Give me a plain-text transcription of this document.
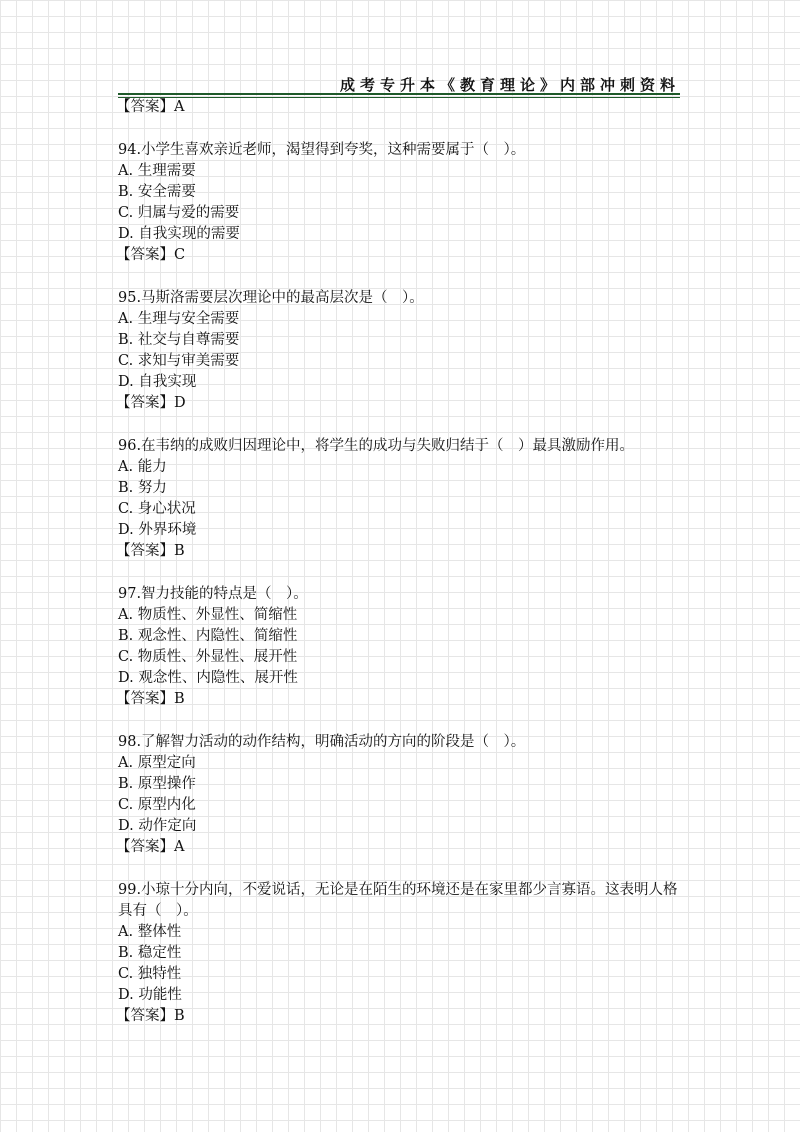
成考专升本《教育理论》内部冲刺资料
【答案】A
94.小学生喜欢亲近老师，渴望得到夸奖，这种需要属于（　）。
A. 生理需要
B. 安全需要
C. 归属与爱的需要
D. 自我实现的需要
【答案】C
95.马斯洛需要层次理论中的最高层次是（　）。
A. 生理与安全需要
B. 社交与自尊需要
C. 求知与审美需要
D. 自我实现
【答案】D
96.在韦纳的成败归因理论中，将学生的成功与失败归结于（　）最具激励作用。
A. 能力
B. 努力
C. 身心状况
D. 外界环境
【答案】B
97.智力技能的特点是（　）。
A. 物质性、外显性、简缩性
B. 观念性、内隐性、简缩性
C. 物质性、外显性、展开性
D. 观念性、内隐性、展开性
【答案】B
98.了解智力活动的动作结构，明确活动的方向的阶段是（　）。
A. 原型定向
B. 原型操作
C. 原型内化
D. 动作定向
【答案】A
99.小琼十分内向，不爱说话，无论是在陌生的环境还是在家里都少言寡语。这表明人格具有（　）。
A. 整体性
B. 稳定性
C. 独特性
D. 功能性
【答案】B
